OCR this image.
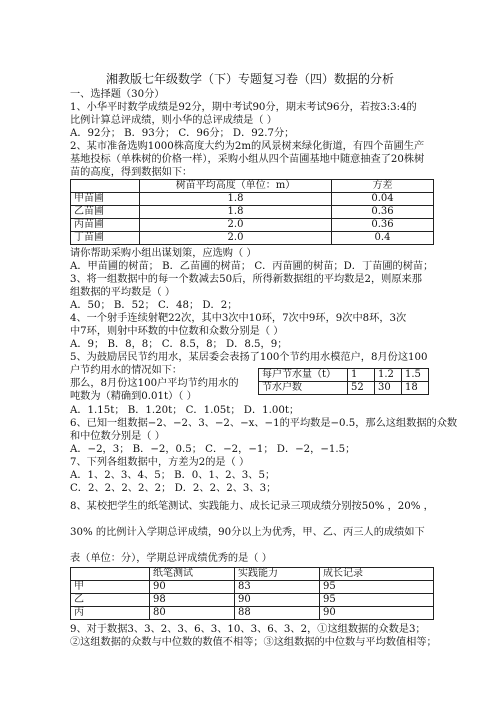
湘教版七年级数学（下）专题复习卷（四）数据的分析
一、选择题（30分）
1、小华平时数学成绩是92分，期中考试90分，期末考试96分，若按3:3:4的
比例计算总评成绩，则小华的总评成绩是（ ）
A．92分； B．93分； C．96分； D．92.7分；
2、某市准备选购1000株高度大约为2m的风景树来绿化街道，有四个苗圃生产
基地投标（单株树的价格一样），采购小组从四个苗圃基地中随意抽查了20株树
苗的高度，得到数据如下：
	树苗平均高度（单位：m）	方差
甲苗圃	1.8	0.04
乙苗圃	1.8	0.36
丙苗圃	2.0	0.36
丁苗圃	2.0	0.4
请你帮助采购小组出谋划策，应选购（ ）
A．甲苗圃的树苗； B．乙苗圃的树苗； C．丙苗圃的树苗；D．丁苗圃的树苗；
3、将一组数据中的每一个数减去50后，所得新数据组的平均数是2，则原来那
组数据的平均数是（ ）
A．50； B．52； C．48； D．2；
4、一个射手连续射靶22次，其中3次中10环，7次中9环，9次中8环，3次
中7环，则射中环数的中位数和众数分别是（ ）
A．9； B．8，8； C．8.5，8； D．8.5，9；
5、为鼓励居民节约用水，某居委会表扬了100个节约用水模范户，8月份这100
户节约用水的情况如下：
那么，8月份这100户平均节约用水的
吨数为（精确到0.01t）（ ）
每户节水量（t）	1	1.2	1.5
节水户数	52	30	18
A．1.15t； B．1.20t； C．1.05t； D．1.00t；
6、已知一组数据−2、−2、3、−2、−x、−1的平均数是−0.5，那么这组数据的众数
和中位数分别是（ ）
A．−2，3； B．−2，0.5； C．−2，−1； D．−2，−1.5；
7、下列各组数据中，方差为2的是（ ）
A．1、2、3、4、5； B．0、1、2、3、5；
C．2、2、2、2、2； D．2、2、2、3、3；
8、某校把学生的纸笔测试、实践能力、成长记录三项成绩分别按50% ，20% ，
30% 的比例计入学期总评成绩，90分以上为优秀，甲、乙、丙三人的成绩如下
表（单位：分），学期总评成绩优秀的是（ ）
	纸笔测试	实践能力	成长记录
甲	90	83	95
乙	98	90	95
丙	80	88	90
9、对于数据3、3、2、3、6、3、10、3、6、3、2，①这组数据的众数是3；
②这组数据的众数与中位数的数值不相等；③这组数据的中位数与平均数值相等；
